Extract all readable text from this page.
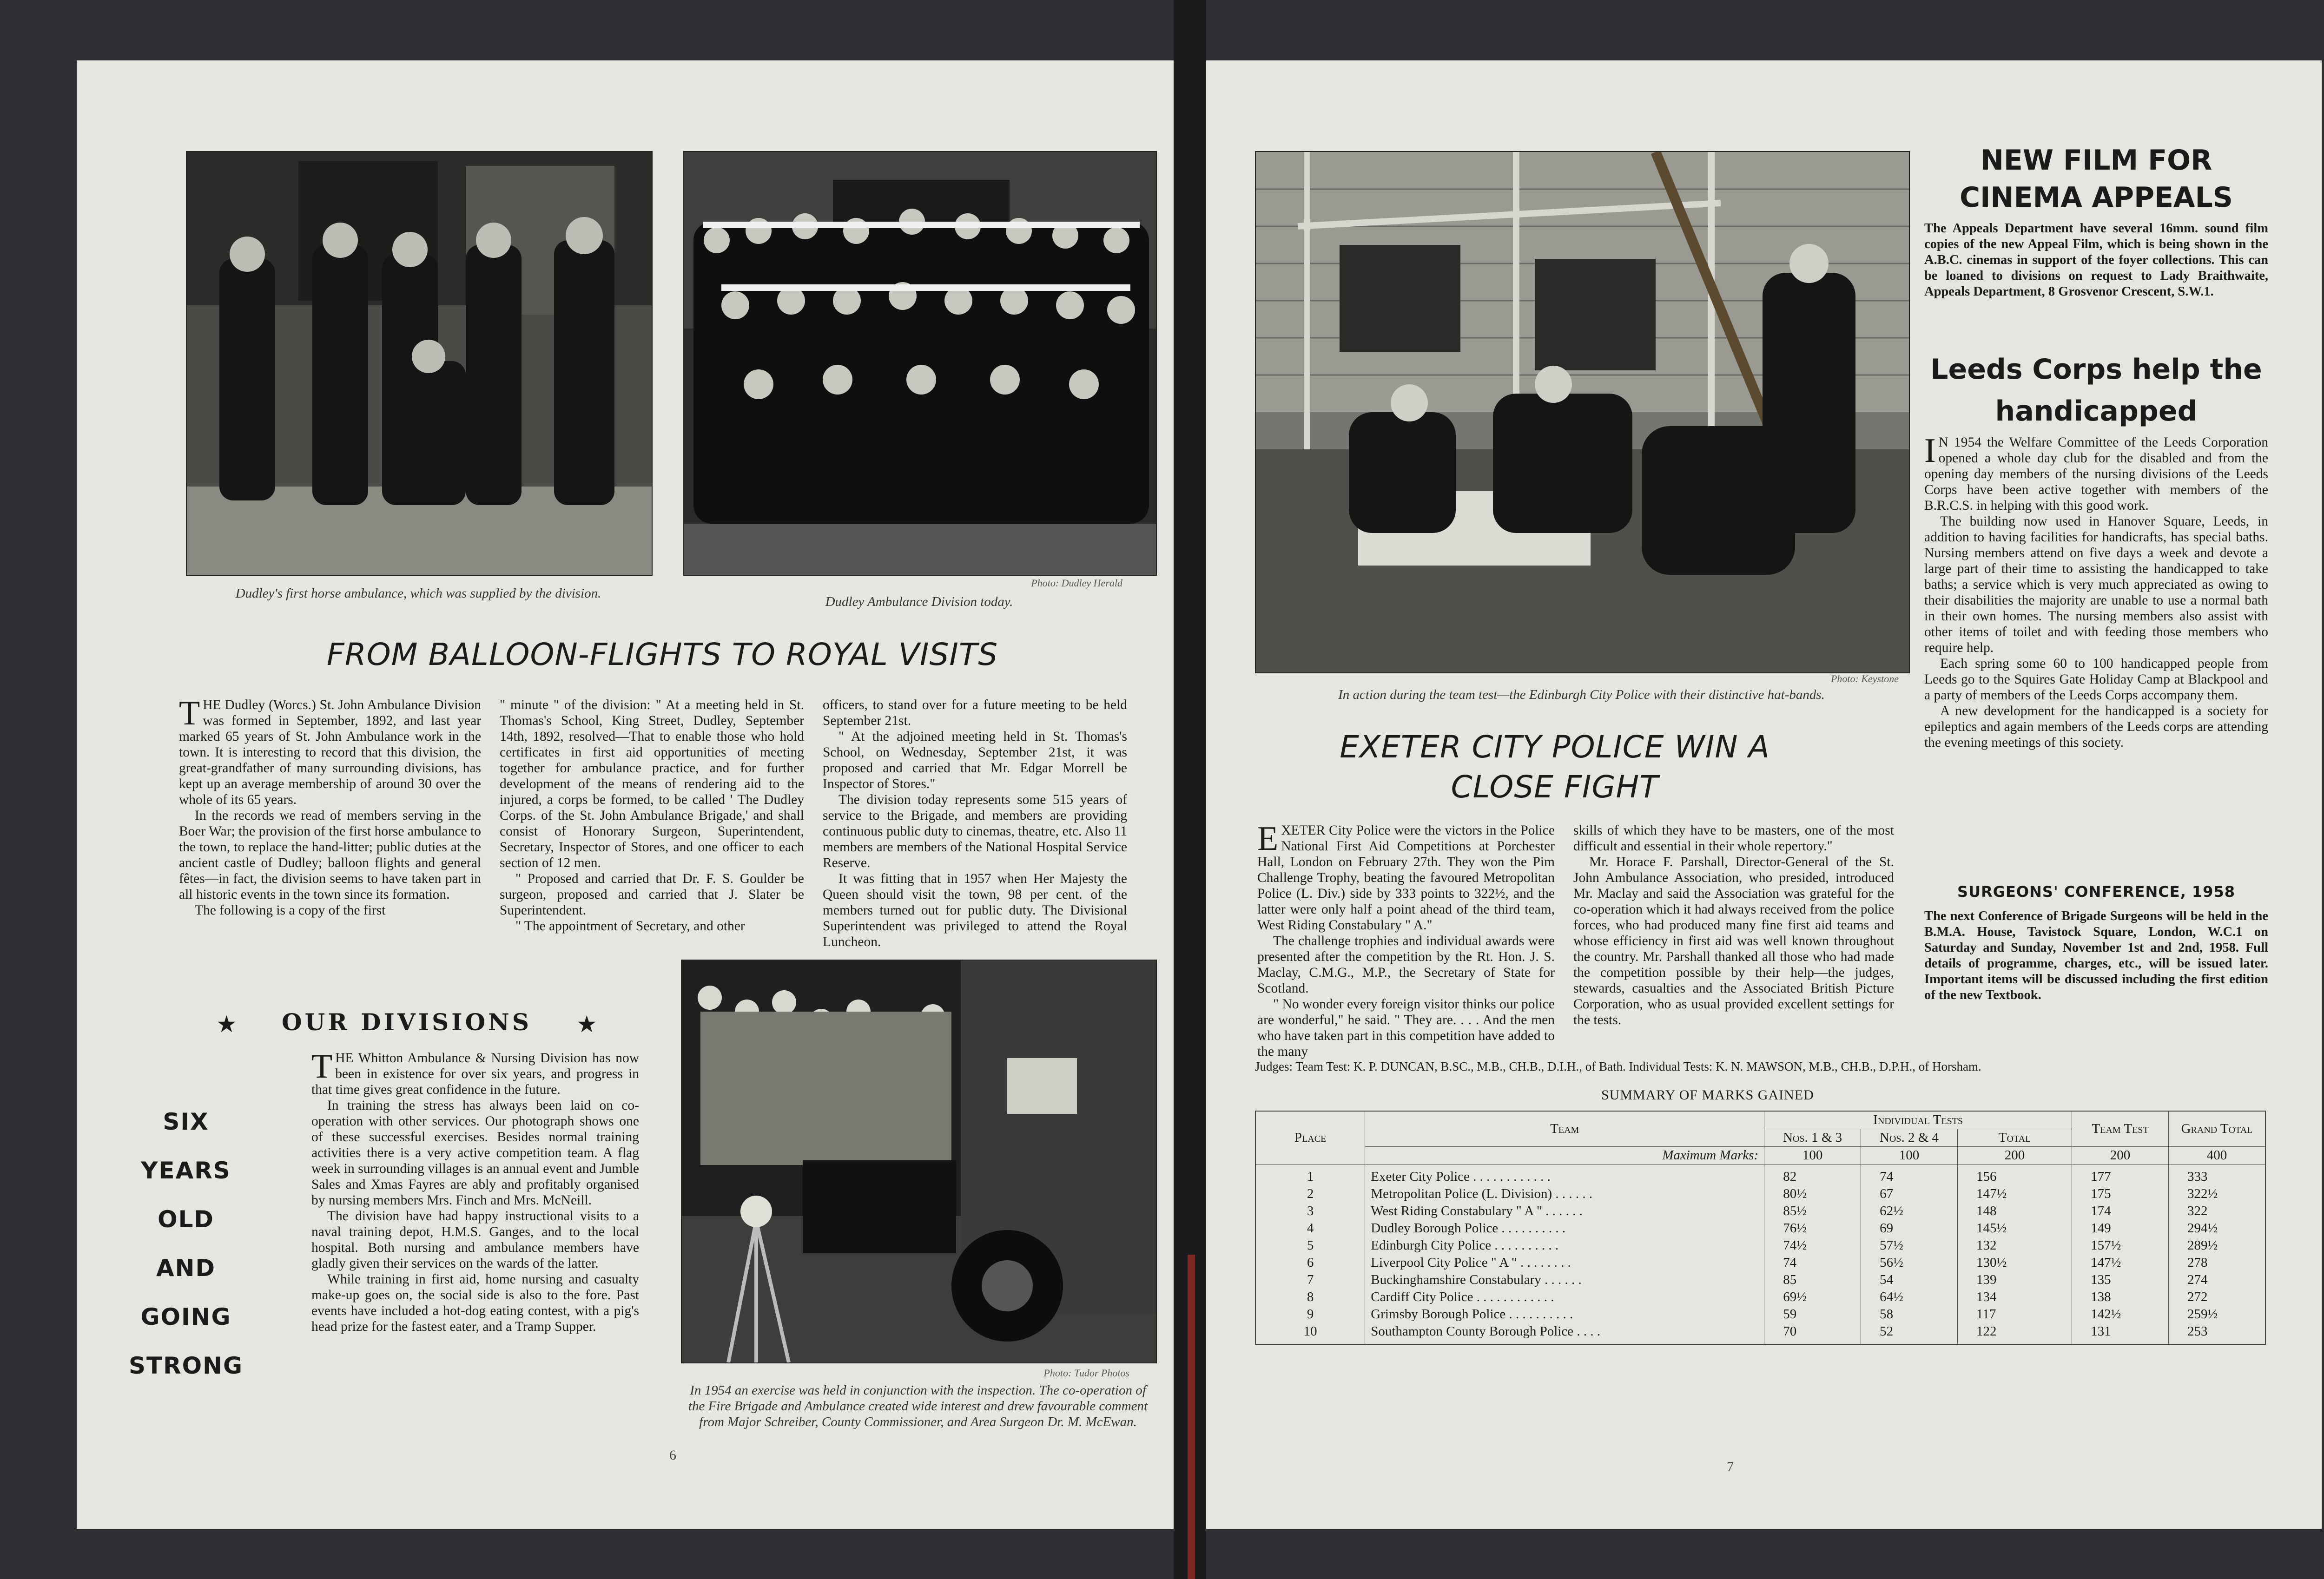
Dudley's first horse ambulance, which was supplied by the division.
Photo: Dudley Herald
Dudley Ambulance Division today.
FROM BALLOON-FLIGHTS TO ROYAL VISITS

THE Dudley (Worcs.) St. John Ambulance Division was formed in September, 1892, and last year marked 65 years of St. John Ambulance work in the town. It is interesting to record that this division, the great-grandfather of many surrounding divisions, has kept up an average membership of around 30 over the whole of its 65 years.

In the records we read of members serving in the Boer War; the provision of the first horse ambulance to the town, to replace the hand-litter; public duties at the ancient castle of Dudley; balloon flights and general fêtes—in fact, the division seems to have taken part in all historic events in the town since its formation.

The following is a copy of the first

" minute " of the division: " At a meeting held in St. Thomas's School, King Street, Dudley, September 14th, 1892, resolved—That to enable those who hold certificates in first aid opportunities of meeting together for ambulance practice, and for further development of the means of rendering aid to the injured, a corps be formed, to be called ' The Dudley Corps. of the St. John Ambulance Brigade,' and shall consist of Honorary Surgeon, Superintendent, Secretary, Inspector of Stores, and one officer to each section of 12 men.

" Proposed and carried that Dr. F. S. Goulder be surgeon, proposed and carried that J. Slater be Superintendent.

" The appointment of Secretary, and other

officers, to stand over for a future meeting to be held September 21st.

" At the adjoined meeting held in St. Thomas's School, on Wednesday, September 21st, it was proposed and carried that Mr. Edgar Morrell be Inspector of Stores."

The division today represents some 515 years of service to the Brigade, and members are providing continuous public duty to cinemas, theatre, etc. Also 11 members are members of the National Hospital Service Reserve.

It was fitting that in 1957 when Her Majesty the Queen should visit the town, 98 per cent. of the members turned out for public duty. The Divisional Superintendent was privileged to attend the Royal Luncheon.

★	OUR DIVISIONS	★
SIX
YEARS
OLD
AND
GOING
STRONG

THE Whitton Ambulance & Nursing Division has now been in existence for over six years, and progress in that time gives great confidence in the future.

In training the stress has always been laid on co-operation with other services. Our photograph shows one of these successful exercises. Besides normal training activities there is a very active competition team. A flag week in surrounding villages is an annual event and Jumble Sales and Xmas Fayres are ably and profitably organised by nursing members Mrs. Finch and Mrs. McNeill.

The division have had happy instructional visits to a naval training depot, H.M.S. Ganges, and to the local hospital. Both nursing and ambulance members have gladly given their services on the wards of the latter.

While training in first aid, home nursing and casualty make-up goes on, the social side is also to the fore. Past events have included a hot-dog eating contest, with a pig's head prize for the fastest eater, and a Tramp Supper.

Photo: Tudor Photos
In 1954 an exercise was held in conjunction with the inspection. The co-operation of the Fire Brigade and Ambulance created wide interest and drew favourable comment from Major Schreiber, County Commissioner, and Area Surgeon Dr. M. McEwan.
6
Photo: Keystone
In action during the team test—the Edinburgh City Police with their distinctive hat-bands.
EXETER CITY POLICE WIN A CLOSE FIGHT

EXETER City Police were the victors in the Police National First Aid Competitions at Porchester Hall, London on February 27th. They won the Pim Challenge Trophy, beating the favoured Metropolitan Police (L. Div.) side by 333 points to 322½, and the latter were only half a point ahead of the third team, West Riding Constabulary " A."

The challenge trophies and individual awards were presented after the competition by the Rt. Hon. J. S. Maclay, C.M.G., M.P., the Secretary of State for Scotland.

" No wonder every foreign visitor thinks our police are wonderful," he said. " They are. . . . And the men who have taken part in this competition have added to the many

skills of which they have to be masters, one of the most difficult and essential in their whole repertory."

Mr. Horace F. Parshall, Director-General of the St. John Ambulance Association, who presided, introduced Mr. Maclay and said the Association was grateful for the co-operation which it had always received from the police forces, who had produced many fine first aid teams and whose efficiency in first aid was well known throughout the country. Mr. Parshall thanked all those who had made the competition possible by their help—the judges, stewards, casualties and the Associated British Picture Corporation, who as usual provided excellent settings for the tests.

NEW FILM FOR CINEMA APPEALS

The Appeals Department have several 16mm. sound film copies of the new Appeal Film, which is being shown in the A.B.C. cinemas in support of the foyer collections. This can be loaned to divisions on request to Lady Braithwaite, Appeals Department, 8 Grosvenor Crescent, S.W.1.

Leeds Corps help the handicapped

I N 1954 the Welfare Committee of the Leeds Corporation opened a whole day club for the disabled and from the opening day members of the nursing divisions of the Leeds Corps have been active together with members of the B.R.C.S. in helping with this good work.

The building now used in Hanover Square, Leeds, in addition to having facilities for handicrafts, has special baths. Nursing members attend on five days a week and devote a large part of their time to assisting the handicapped to take baths; a service which is very much appreciated as owing to their disabilities the majority are unable to use a normal bath in their own homes. The nursing members also assist with other items of toilet and with feeding those members who require help.

Each spring some 60 to 100 handicapped people from Leeds go to the Squires Gate Holiday Camp at Blackpool and a party of members of the Leeds Corps accompany them.

A new development for the handicapped is a society for epileptics and again members of the Leeds corps are attending the evening meetings of this society.

SURGEONS' CONFERENCE, 1958

The next Conference of Brigade Surgeons will be held in the B.M.A. House, Tavistock Square, London, W.C.1 on Saturday and Sunday, November 1st and 2nd, 1958. Full details of programme, charges, etc., will be issued later. Important items will be discussed including the first edition of the new Textbook.

Judges: Team Test: K. P. DUNCAN, B.SC., M.B., CH.B., D.I.H., of Bath. Individual Tests: K. N. MAWSON, M.B., CH.B., D.P.H., of Horsham.
SUMMARY OF MARKS GAINED
Place	Team	Individual Tests			Team Test	Grand Total
		Nos. 1 & 3	Nos. 2 & 4	Total		
	Maximum Marks:	100	100	200	200	400
1	Exeter City Police . . . . . . . . . . . .	82	74	156	177	333
2	Metropolitan Police (L. Division) . . . . . .	80½	67	147½	175	322½
3	West Riding Constabulary " A " . . . . . .	85½	62½	148	174	322
4	Dudley Borough Police . . . . . . . . . .	76½	69	145½	149	294½
5	Edinburgh City Police . . . . . . . . . .	74½	57½	132	157½	289½
6	Liverpool City Police " A " . . . . . . . .	74	56½	130½	147½	278
7	Buckinghamshire Constabulary . . . . . .	85	54	139	135	274
8	Cardiff City Police . . . . . . . . . . . .	69½	64½	134	138	272
9	Grimsby Borough Police . . . . . . . . . .	59	58	117	142½	259½
10	Southampton County Borough Police . . . .	70	52	122	131	253
7
